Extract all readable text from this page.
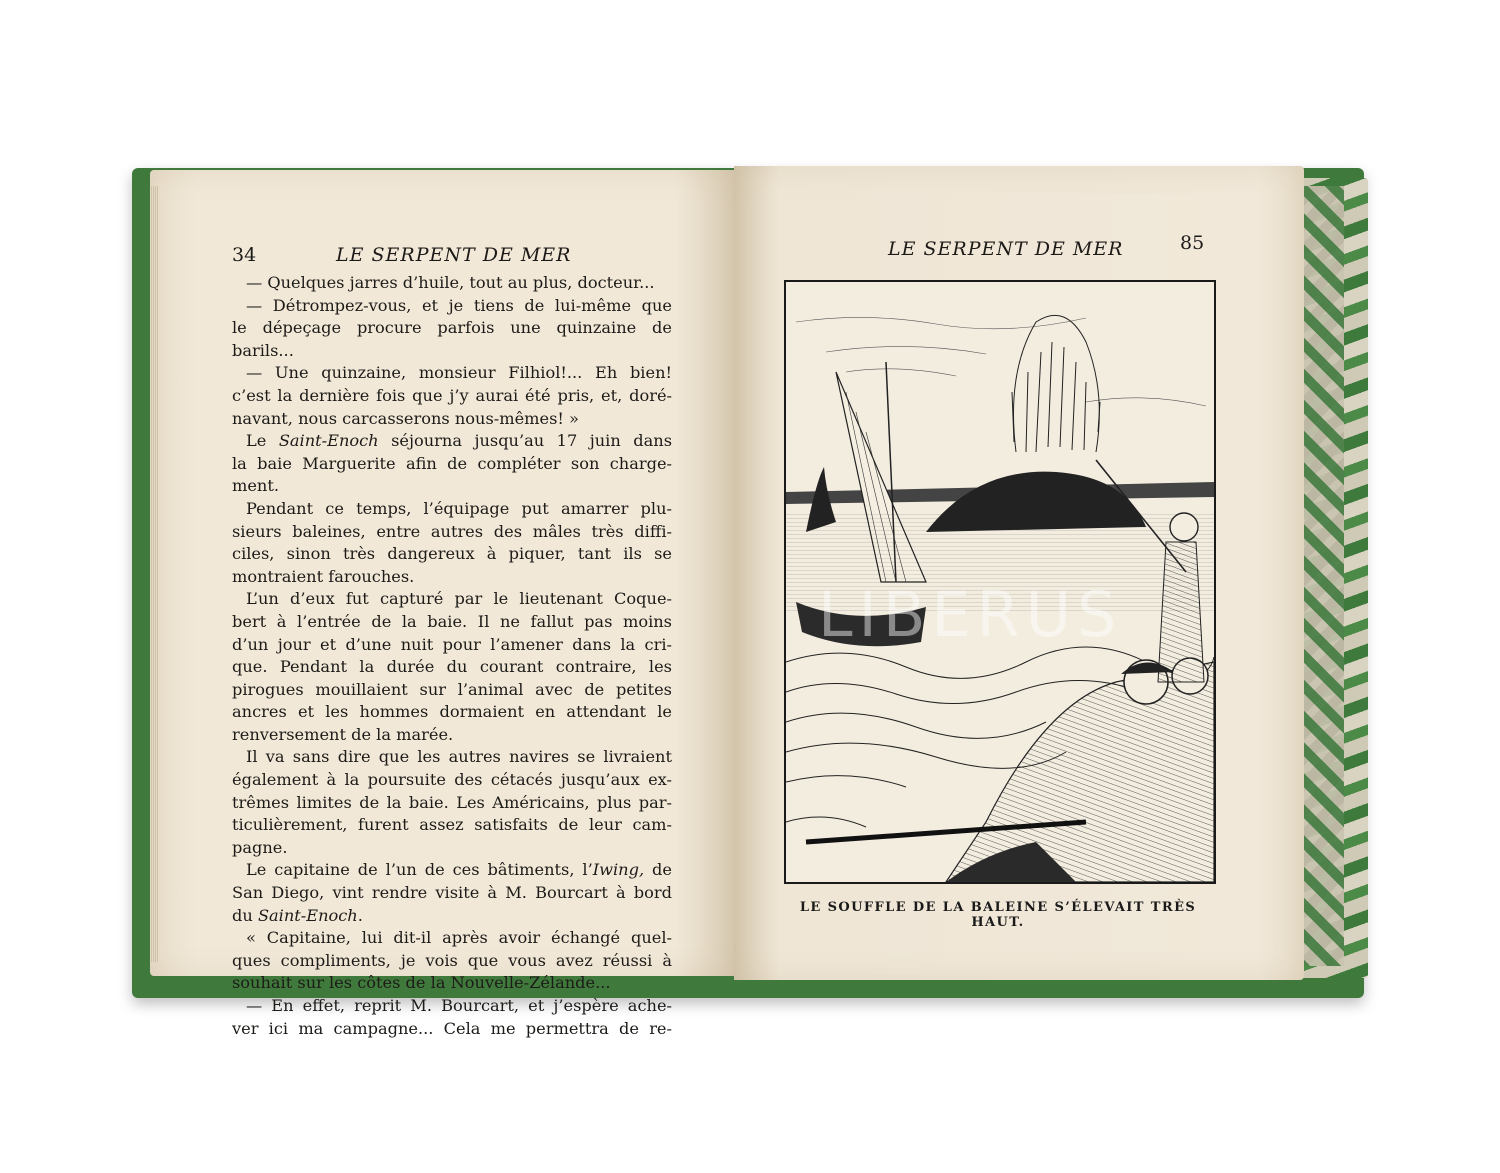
34	LE SERPENT DE MER	LE SERPENT DE MER	85
— Quelques jarres d’huile, tout au plus, docteur...
— Détrompez-vous, et je tiens de lui-même que
le dépeçage procure parfois une quinzaine de
barils...
— Une quinzaine, monsieur Filhiol!... Eh bien!
c’est la dernière fois que j’y aurai été pris, et, doré-
navant, nous carcasserons nous-mêmes! »
Le Saint-Enoch séjourna jusqu’au 17 juin dans
la baie Marguerite afin de compléter son charge-
ment.
Pendant ce temps, l’équipage put amarrer plu-
sieurs baleines, entre autres des mâles très diffi-
ciles, sinon très dangereux à piquer, tant ils se
montraient farouches.
L’un d’eux fut capturé par le lieutenant Coque-
bert à l’entrée de la baie. Il ne fallut pas moins
d’un jour et d’une nuit pour l’amener dans la cri-
que. Pendant la durée du courant contraire, les
pirogues mouillaient sur l’animal avec de petites
ancres et les hommes dormaient en attendant le
renversement de la marée.
Il va sans dire que les autres navires se livraient
également à la poursuite des cétacés jusqu’aux ex-
trêmes limites de la baie. Les Américains, plus par-
ticulièrement, furent assez satisfaits de leur cam-
pagne.
Le capitaine de l’un de ces bâtiments, l’Iwing, de
San Diego, vint rendre visite à M. Bourcart à bord
du Saint-Enoch.
« Capitaine, lui dit-il après avoir échangé quel-
ques compliments, je vois que vous avez réussi à
souhait sur les côtes de la Nouvelle-Zélande...
— En effet, reprit M. Bourcart, et j’espère ache-
ver ici ma campagne... Cela me permettra de re-
LE SOUFFLE DE LA BALEINE S’ÉLEVAIT TRÈS HAUT.
LIBERUS
